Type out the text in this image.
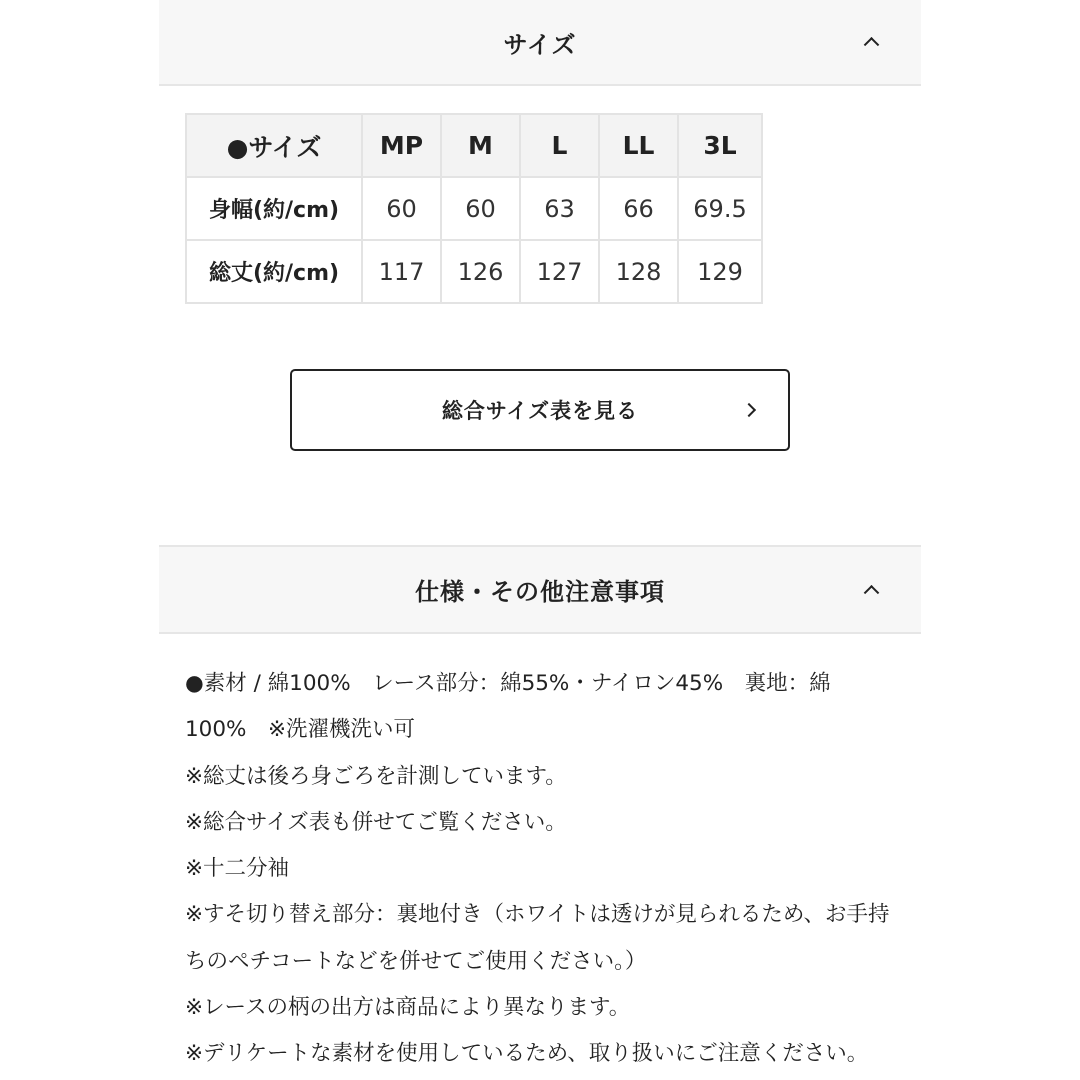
サイズ
●サイズ	MP	M	L	LL	3L
身幅(約/cm)	60	60	63	66	69.5
総丈(約/cm)	117	126	127	128	129
総合サイズ表を見る
仕様・その他注意事項
●素材 / 綿100%　レース部分：綿55%・ナイロン45%　裏地：綿
100%　※洗濯機洗い可
※総丈は後ろ身ごろを計測しています。
※総合サイズ表も併せてご覧ください。
※十二分袖
※すそ切り替え部分：裏地付き（ホワイトは透けが見られるため、お手持
ちのペチコートなどを併せてご使用ください。）
※レースの柄の出方は商品により異なります。
※デリケートな素材を使用しているため、取り扱いにご注意ください。
